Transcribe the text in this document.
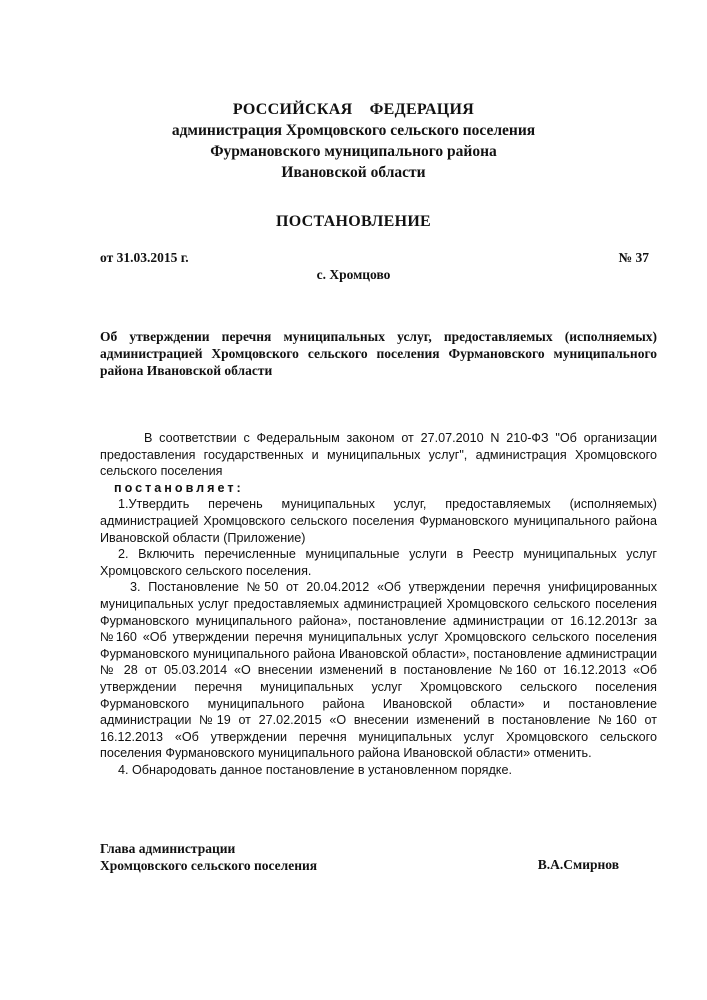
РОССИЙСКАЯ    ФЕДЕРАЦИЯ
администрация Хромцовского сельского поселения
Фурмановского муниципального района
Ивановской области
ПОСТАНОВЛЕНИЕ
от 31.03.2015 г.	№ 37
с. Хромцово
Об утверждении перечня муниципальных услуг, предоставляемых (исполняемых) администрацией Хромцовского сельского поселения Фурмановского муниципального района Ивановской области

В соответствии с Федеральным законом от 27.07.2010 N 210-ФЗ "Об организации предоставления государственных и муниципальных услуг", администрация Хромцовского сельского поселения

постановляет:

1.Утвердить перечень муниципальных услуг, предоставляемых (исполняемых) администрацией Хромцовского сельского поселения Фурмановского муниципального района Ивановской области (Приложение)

2. Включить перечисленные муниципальные услуги в Реестр муниципальных услуг Хромцовского сельского поселения.

3. Постановление №50 от 20.04.2012 «Об утверждении перечня унифицированных муниципальных услуг предоставляемых администрацией Хромцовского сельского поселения Фурмановского муниципального района», постановление администрации от 16.12.2013г за №160 «Об утверждении перечня муниципальных услуг Хромцовского сельского поселения Фурмановского муниципального района Ивановской области», постановление администрации № 28 от 05.03.2014 «О внесении изменений в постановление №160 от 16.12.2013 «Об утверждении перечня муниципальных услуг Хромцовского сельского поселения Фурмановского муниципального района Ивановской области» и постановление администрации №19 от 27.02.2015 «О внесении изменений в постановление №160 от 16.12.2013 «Об утверждении перечня муниципальных услуг Хромцовского сельского поселения Фурмановского муниципального района Ивановской области» отменить.

4. Обнародовать данное постановление в установленном порядке.

Глава администрации
Хромцовского сельского поселения	В.А.Смирнов
